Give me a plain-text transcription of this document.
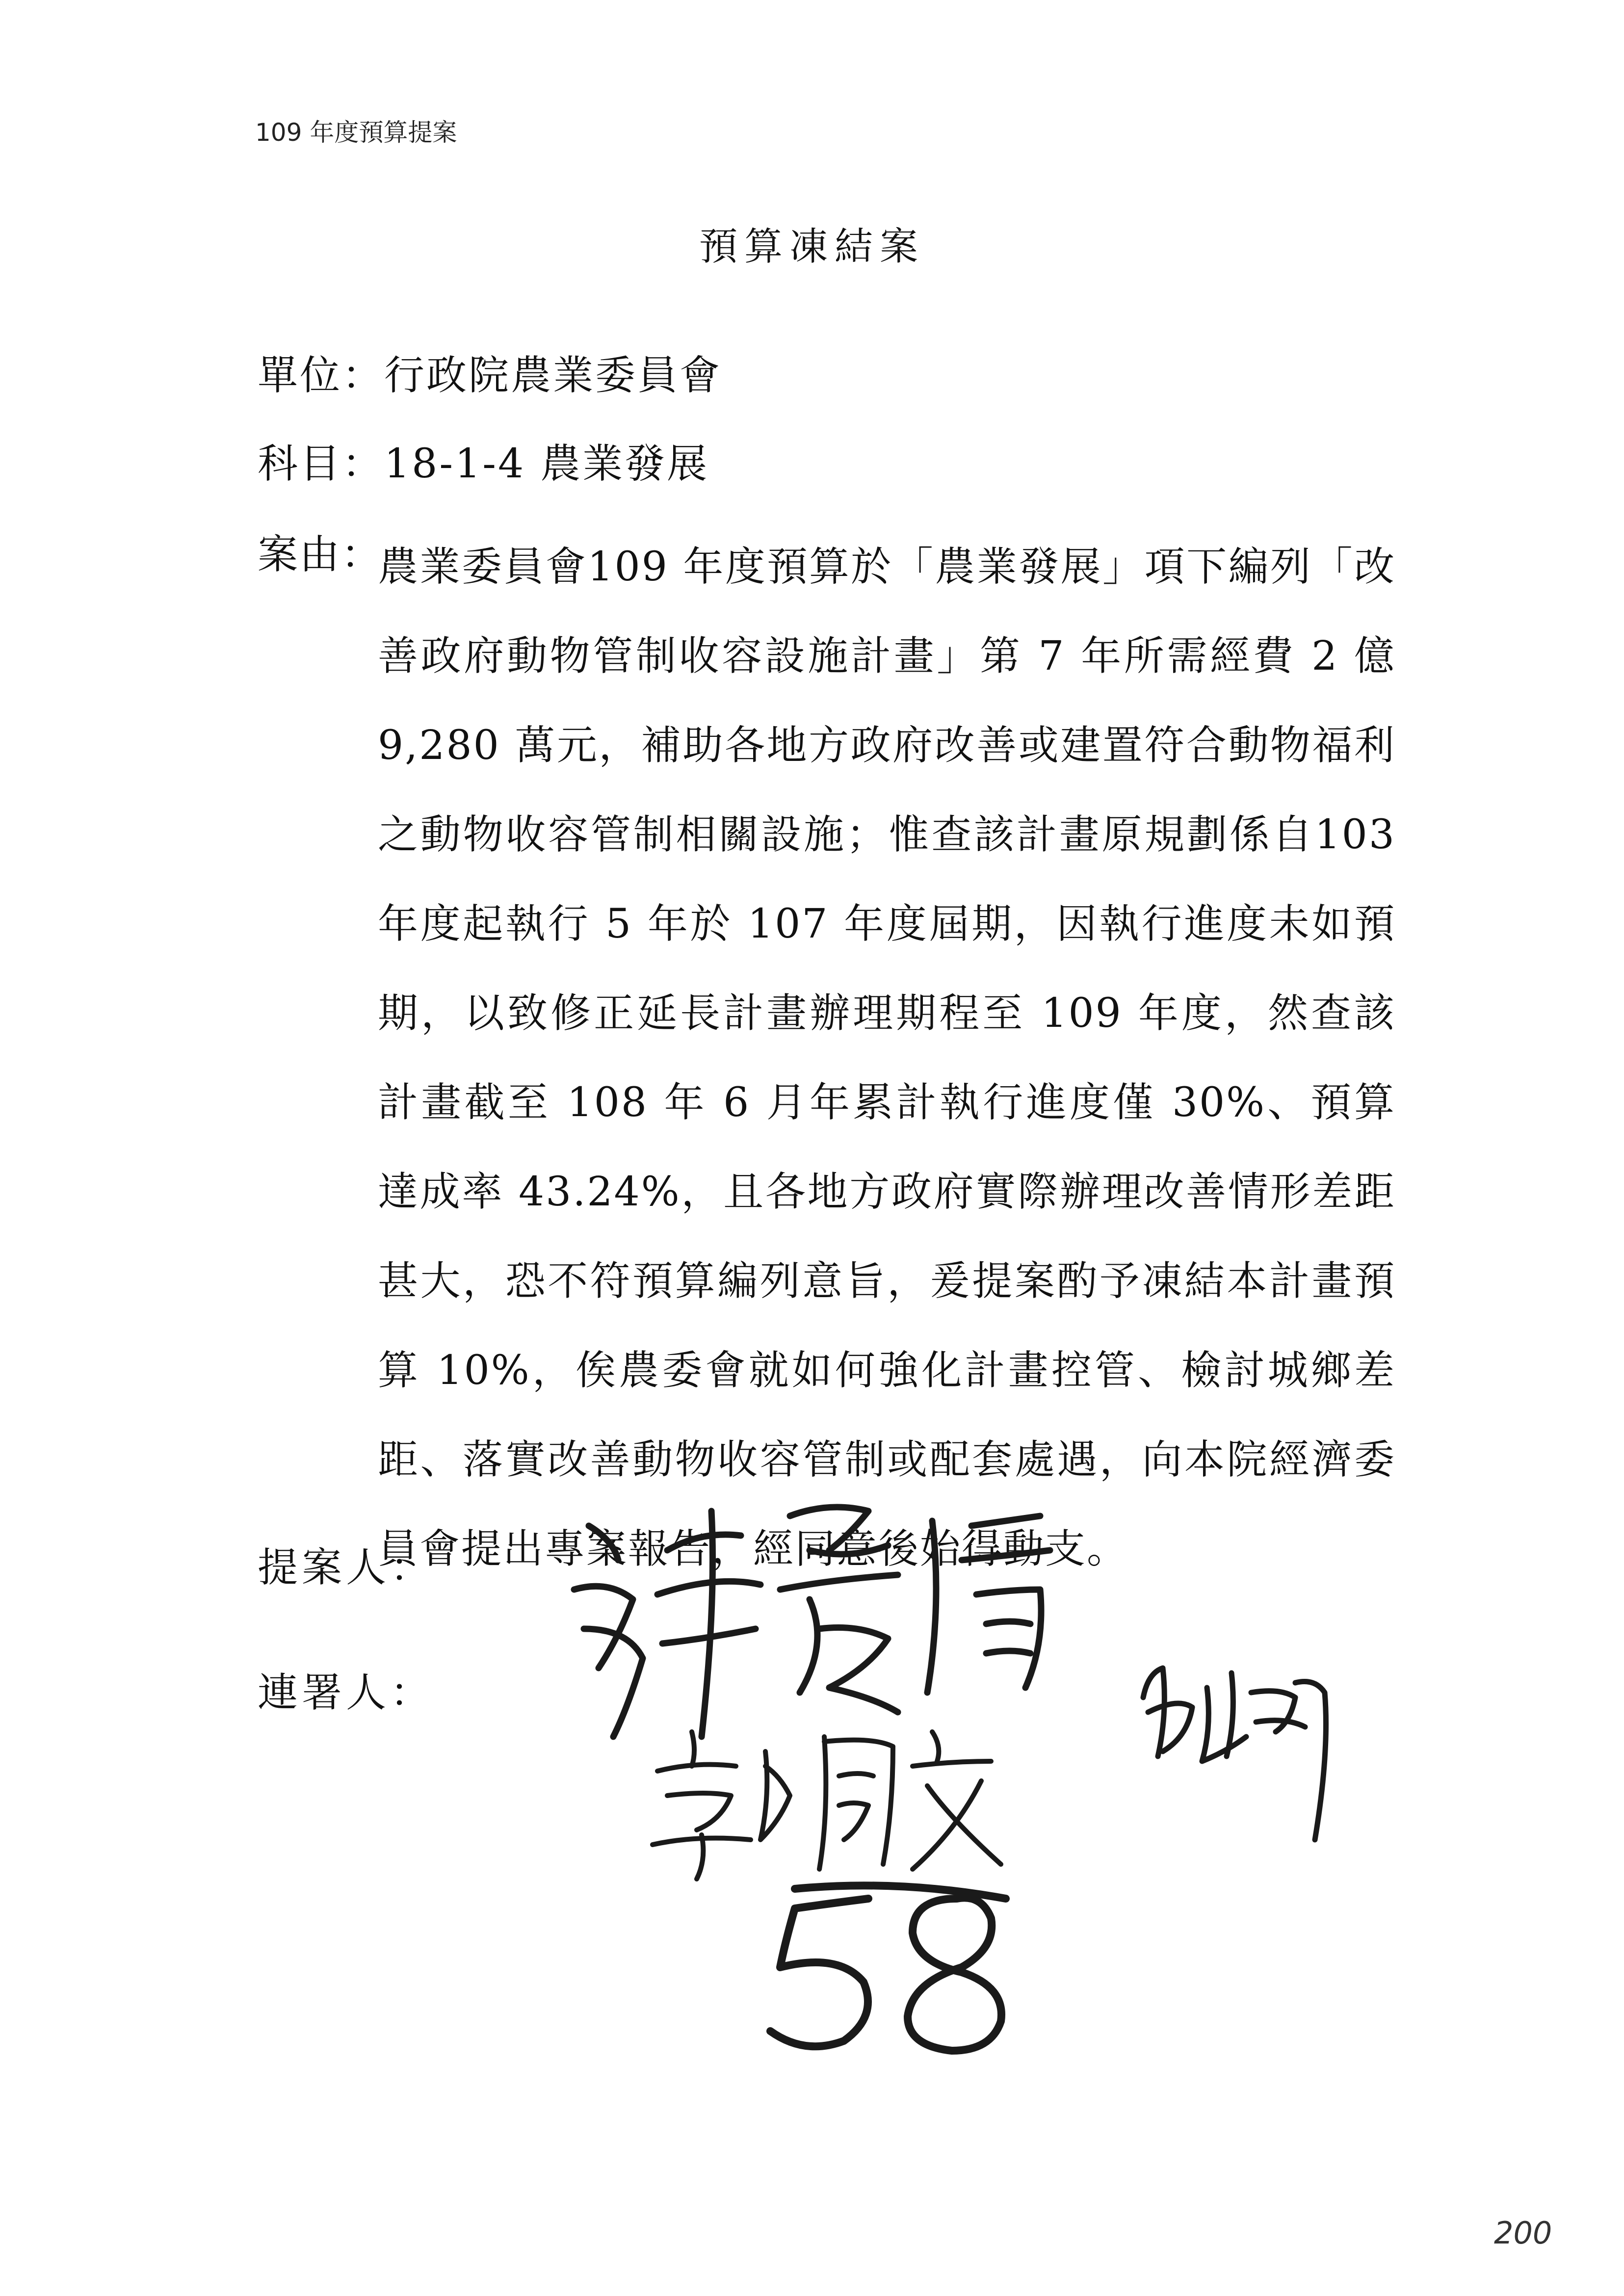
109 年度預算提案
預算凍結案
單位：行政院農業委員會
科目：18-1-4 農業發展
案由：
農業委員會109 年度預算於「農業發展」項下編列「改善政府動物管制收容設施計畫」第 7 年所需經費 2 億9,280 萬元，補助各地方政府改善或建置符合動物福利之動物收容管制相關設施；惟查該計畫原規劃係自103 年度起執行 5 年於 107 年度屆期，因執行進度未如預期，以致修正延長計畫辦理期程至 109 年度，然查該計畫截至 108 年 6 月年累計執行進度僅 30%、預算達成率 43.24%，且各地方政府實際辦理改善情形差距甚大，恐不符預算編列意旨，爰提案酌予凍結本計畫預算 10%，俟農委會就如何強化計畫控管、檢討城鄉差距、落實改善動物收容管制或配套處遇，向本院經濟委員會提出專案報告，經同意後始得動支。
提案人：
連署人：
200
